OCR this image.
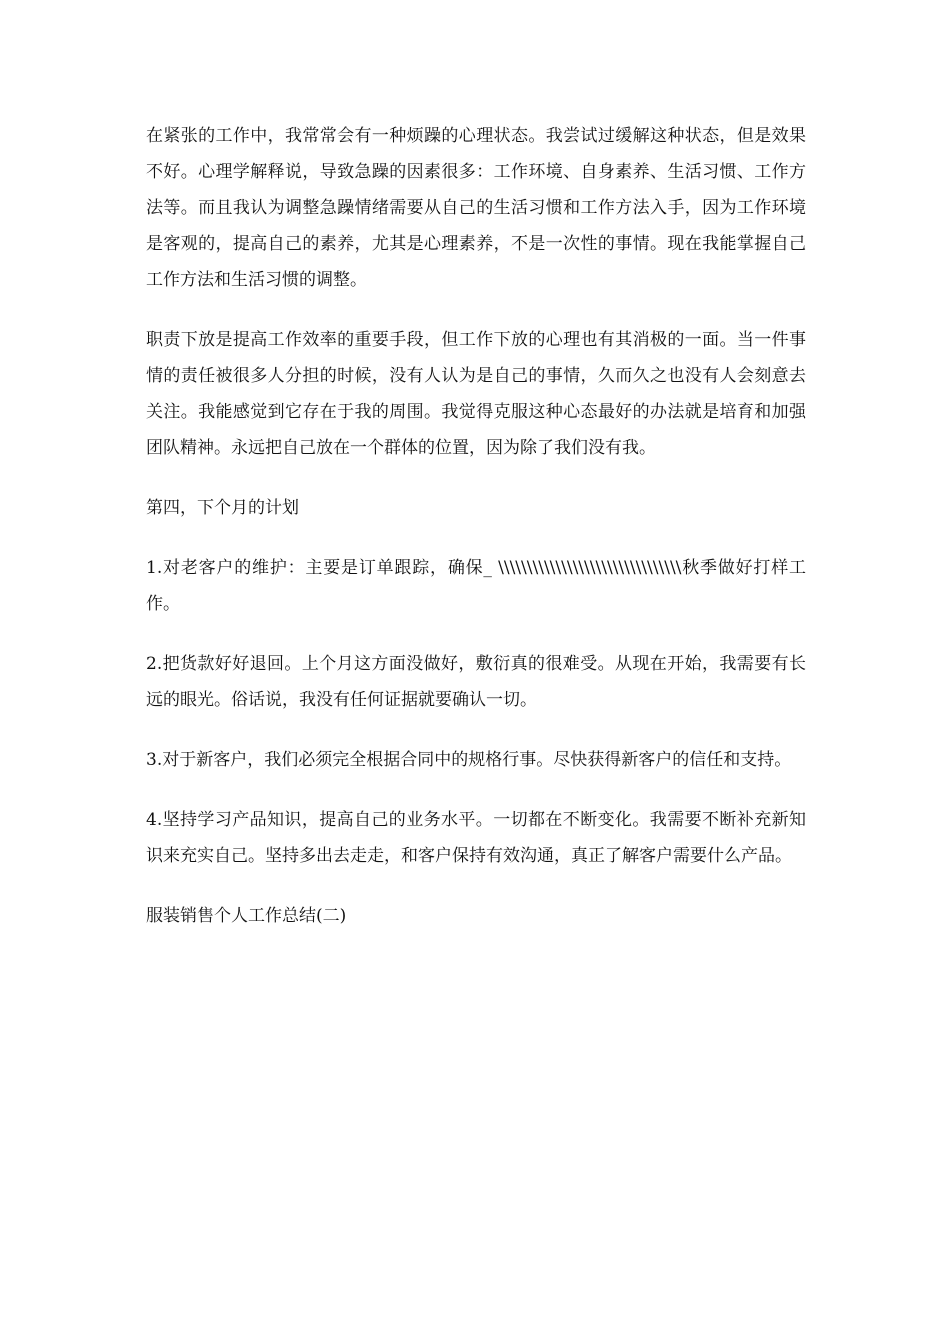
在紧张的工作中，我常常会有一种烦躁的心理状态。我尝试过缓解这种状态，但是效果不好。心理学解释说，导致急躁的因素很多：工作环境、自身素养、生活习惯、工作方法等。而且我认为调整急躁情绪需要从自己的生活习惯和工作方法入手，因为工作环境是客观的，提高自己的素养，尤其是心理素养，不是一次性的事情。现在我能掌握自己工作方法和生活习惯的调整。

职责下放是提高工作效率的重要手段，但工作下放的心理也有其消极的一面。当一件事情的责任被很多人分担的时候，没有人认为是自己的事情，久而久之也没有人会刻意去关注。我能感觉到它存在于我的周围。我觉得克服这种心态最好的办法就是培育和加强团队精神。永远把自己放在一个群体的位置，因为除了我们没有我。

第四，下个月的计划

1.对老客户的维护：主要是订单跟踪，确保_ \\\\\\\\\\\\\\\\\\\\\\\\\\\\\\\\秋季做好打样工作。

2.把货款好好退回。上个月这方面没做好，敷衍真的很难受。从现在开始，我需要有长远的眼光。俗话说，我没有任何证据就要确认一切。

3.对于新客户，我们必须完全根据合同中的规格行事。尽快获得新客户的信任和支持。

4.坚持学习产品知识，提高自己的业务水平。一切都在不断变化。我需要不断补充新知识来充实自己。坚持多出去走走，和客户保持有效沟通，真正了解客户需要什么产品。

服装销售个人工作总结(二)
